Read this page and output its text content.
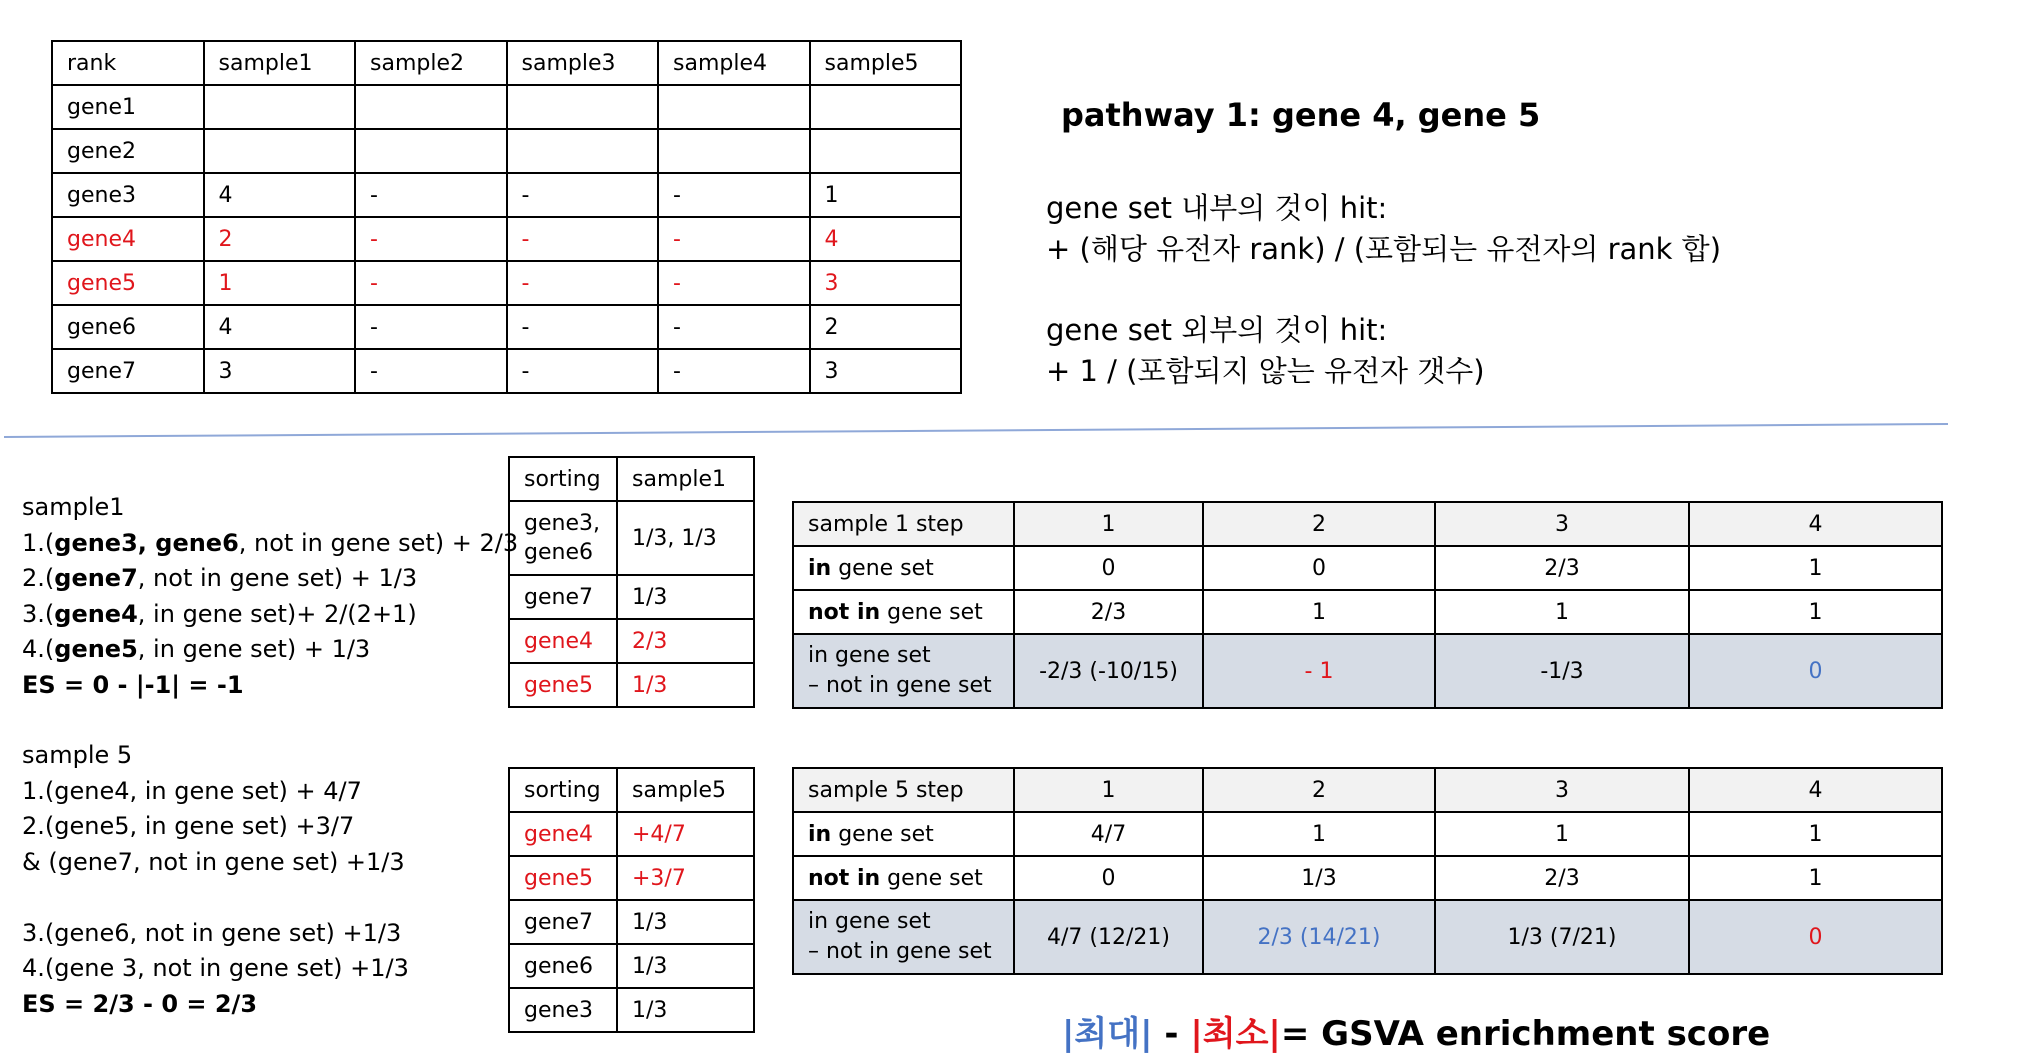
rank	sample1	sample2	sample3	sample4	sample5
gene1					
gene2					
gene3	4	-	-	-	1
gene4	2	-	-	-	4
gene5	1	-	-	-	3
gene6	4	-	-	-	2
gene7	3	-	-	-	3
pathway 1: gene 4, gene 5
gene set 내부의 것이 hit:
+ (해당 유전자 rank) / (포함되는 유전자의 rank 합)
gene set 외부의 것이 hit:
+ 1 / (포함되지 않는 유전자 갯수)
sample1
1.(gene3, gene6, not in gene set) + 2/3
2.(gene7, not in gene set) + 1/3
3.(gene4, in gene set)+ 2/(2+1)
4.(gene5, in gene set) + 1/3
ES = 0 - |-1| = -1
sample 5
1.(gene4, in gene set) + 4/7
2.(gene5, in gene set) +3/7
& (gene7, not in gene set) +1/3
3.(gene6, not in gene set) +1/3
4.(gene 3, not in gene set) +1/3
ES = 2/3 - 0 = 2/3
sorting	sample1

gene3,
gene6	1/3, 1/3
gene7	1/3
gene4	2/3
gene5	1/3
sorting	sample5
gene4	+4/7
gene5	+3/7
gene7	1/3
gene6	1/3
gene3	1/3
sample 1 step	1	2	3	4
in gene set	0	0	2/3	1
not in gene set	2/3	1	1	1

in gene set
– not in gene set	-2/3 (-10/15)	- 1	-1/3	0
sample 5 step	1	2	3	4
in gene set	4/7	1	1	1
not in gene set	0	1/3	2/3	1

in gene set
– not in gene set	4/7 (12/21)	2/3 (14/21)	1/3 (7/21)	0
|최대| - |최소|= GSVA enrichment score
